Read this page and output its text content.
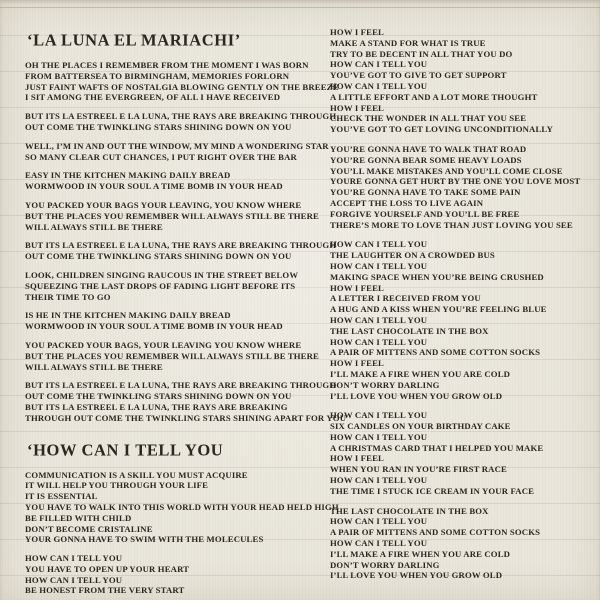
‘LA LUNA EL MARIACHI’
OH THE PLACES I REMEMBER FROM THE MOMENT I WAS BORN
FROM BATTERSEA TO BIRMINGHAM, MEMORIES FORLORN
JUST FAINT WAFTS OF NOSTALGIA BLOWING GENTLY ON THE BREEZE
I SIT AMONG THE EVERGREEN, OF ALL I HAVE RECEIVED
BUT ITS LA ESTREEL E LA LUNA, THE RAYS ARE BREAKING THROUGH
OUT COME THE TWINKLING STARS SHINING DOWN ON YOU
WELL, I’M IN AND OUT THE WINDOW, MY MIND A WONDERING STAR
SO MANY CLEAR CUT CHANCES, I PUT RIGHT OVER THE BAR
EASY IN THE KITCHEN MAKING DAILY BREAD
WORMWOOD IN YOUR SOUL A TIME BOMB IN YOUR HEAD
YOU PACKED YOUR BAGS YOUR LEAVING, YOU KNOW WHERE
BUT THE PLACES YOU REMEMBER WILL ALWAYS STILL BE THERE
WILL ALWAYS STILL BE THERE
BUT ITS LA ESTREEL E LA LUNA, THE RAYS ARE BREAKING THROUGH
OUT COME THE TWINKLING STARS SHINING DOWN ON YOU
LOOK, CHILDREN SINGING RAUCOUS IN THE STREET BELOW
SQUEEZING THE LAST DROPS OF FADING LIGHT BEFORE ITS
THEIR TIME TO GO
IS HE IN THE KITCHEN MAKING DAILY BREAD
WORMWOOD IN YOUR SOUL A TIME BOMB IN YOUR HEAD
YOU PACKED YOUR BAGS, YOUR LEAVING YOU KNOW WHERE
BUT THE PLACES YOU REMEMBER WILL ALWAYS STILL BE THERE
WILL ALWAYS STILL BE THERE
BUT ITS LA ESTREEL E LA LUNA, THE RAYS ARE BREAKING THROUGH
OUT COME THE TWINKLING STARS SHINING DOWN ON YOU
BUT ITS LA ESTREEL E LA LUNA, THE RAYS ARE BREAKING
THROUGH OUT COME THE TWINKLING STARS SHINING APART FOR YOU
‘HOW CAN I TELL YOU
COMMUNICATION IS A SKILL YOU MUST ACQUIRE
IT WILL HELP YOU THROUGH YOUR LIFE
IT IS ESSENTIAL
YOU HAVE TO WALK INTO THIS WORLD WITH YOUR HEAD HELD HIGH
BE FILLED WITH CHILD
DON’T BECOME CRISTALINE
YOUR GONNA HAVE TO SWIM WITH THE MOLECULES
HOW CAN I TELL YOU
YOU HAVE TO OPEN UP YOUR HEART
HOW CAN I TELL YOU
BE HONEST FROM THE VERY START
HOW I FEEL
MAKE A STAND FOR WHAT IS TRUE
TRY TO BE DECENT IN ALL THAT YOU DO
HOW CAN I TELL YOU
YOU’VE GOT TO GIVE TO GET SUPPORT
HOW CAN I TELL YOU
A LITTLE EFFORT AND A LOT MORE THOUGHT
HOW I FEEL
CHECK THE WONDER IN ALL THAT YOU SEE
YOU’VE GOT TO GET LOVING UNCONDITIONALLY
YOU’RE GONNA HAVE TO WALK THAT ROAD
YOU’RE GONNA BEAR SOME HEAVY LOADS
YOU’LL MAKE MISTAKES AND YOU’LL COME CLOSE
YOURE GONNA GET HURT BY THE ONE YOU LOVE MOST
YOU’RE GONNA HAVE TO TAKE SOME PAIN
ACCEPT THE LOSS TO LIVE AGAIN
FORGIVE YOURSELF AND YOU’LL BE FREE
THERE’S MORE TO LOVE THAN JUST LOVING YOU SEE
HOW CAN I TELL YOU
THE LAUGHTER ON A CROWDED BUS
HOW CAN I TELL YOU
MAKING SPACE WHEN YOU’RE BEING CRUSHED
HOW I FEEL
A LETTER I RECEIVED FROM YOU
A HUG AND A KISS WHEN YOU’RE FEELING BLUE
HOW CAN I TELL YOU
THE LAST CHOCOLATE IN THE BOX
HOW CAN I TELL YOU
A PAIR OF MITTENS AND SOME COTTON SOCKS
HOW I FEEL
I’LL MAKE A FIRE WHEN YOU ARE COLD
DON’T WORRY DARLING
I’LL LOVE YOU WHEN YOU GROW OLD
HOW CAN I TELL YOU
SIX CANDLES ON YOUR BIRTHDAY CAKE
HOW CAN I TELL YOU
A CHRISTMAS CARD THAT I HELPED YOU MAKE
HOW I FEEL
WHEN YOU RAN IN YOU’RE FIRST RACE
HOW CAN I TELL YOU
THE TIME I STUCK ICE CREAM IN YOUR FACE
THE LAST CHOCOLATE IN THE BOX
HOW CAN I TELL YOU
A PAIR OF MITTENS AND SOME COTTON SOCKS
HOW CAN I TELL YOU
I’LL MAKE A FIRE WHEN YOU ARE COLD
DON’T WORRY DARLING
I’LL LOVE YOU WHEN YOU GROW OLD
